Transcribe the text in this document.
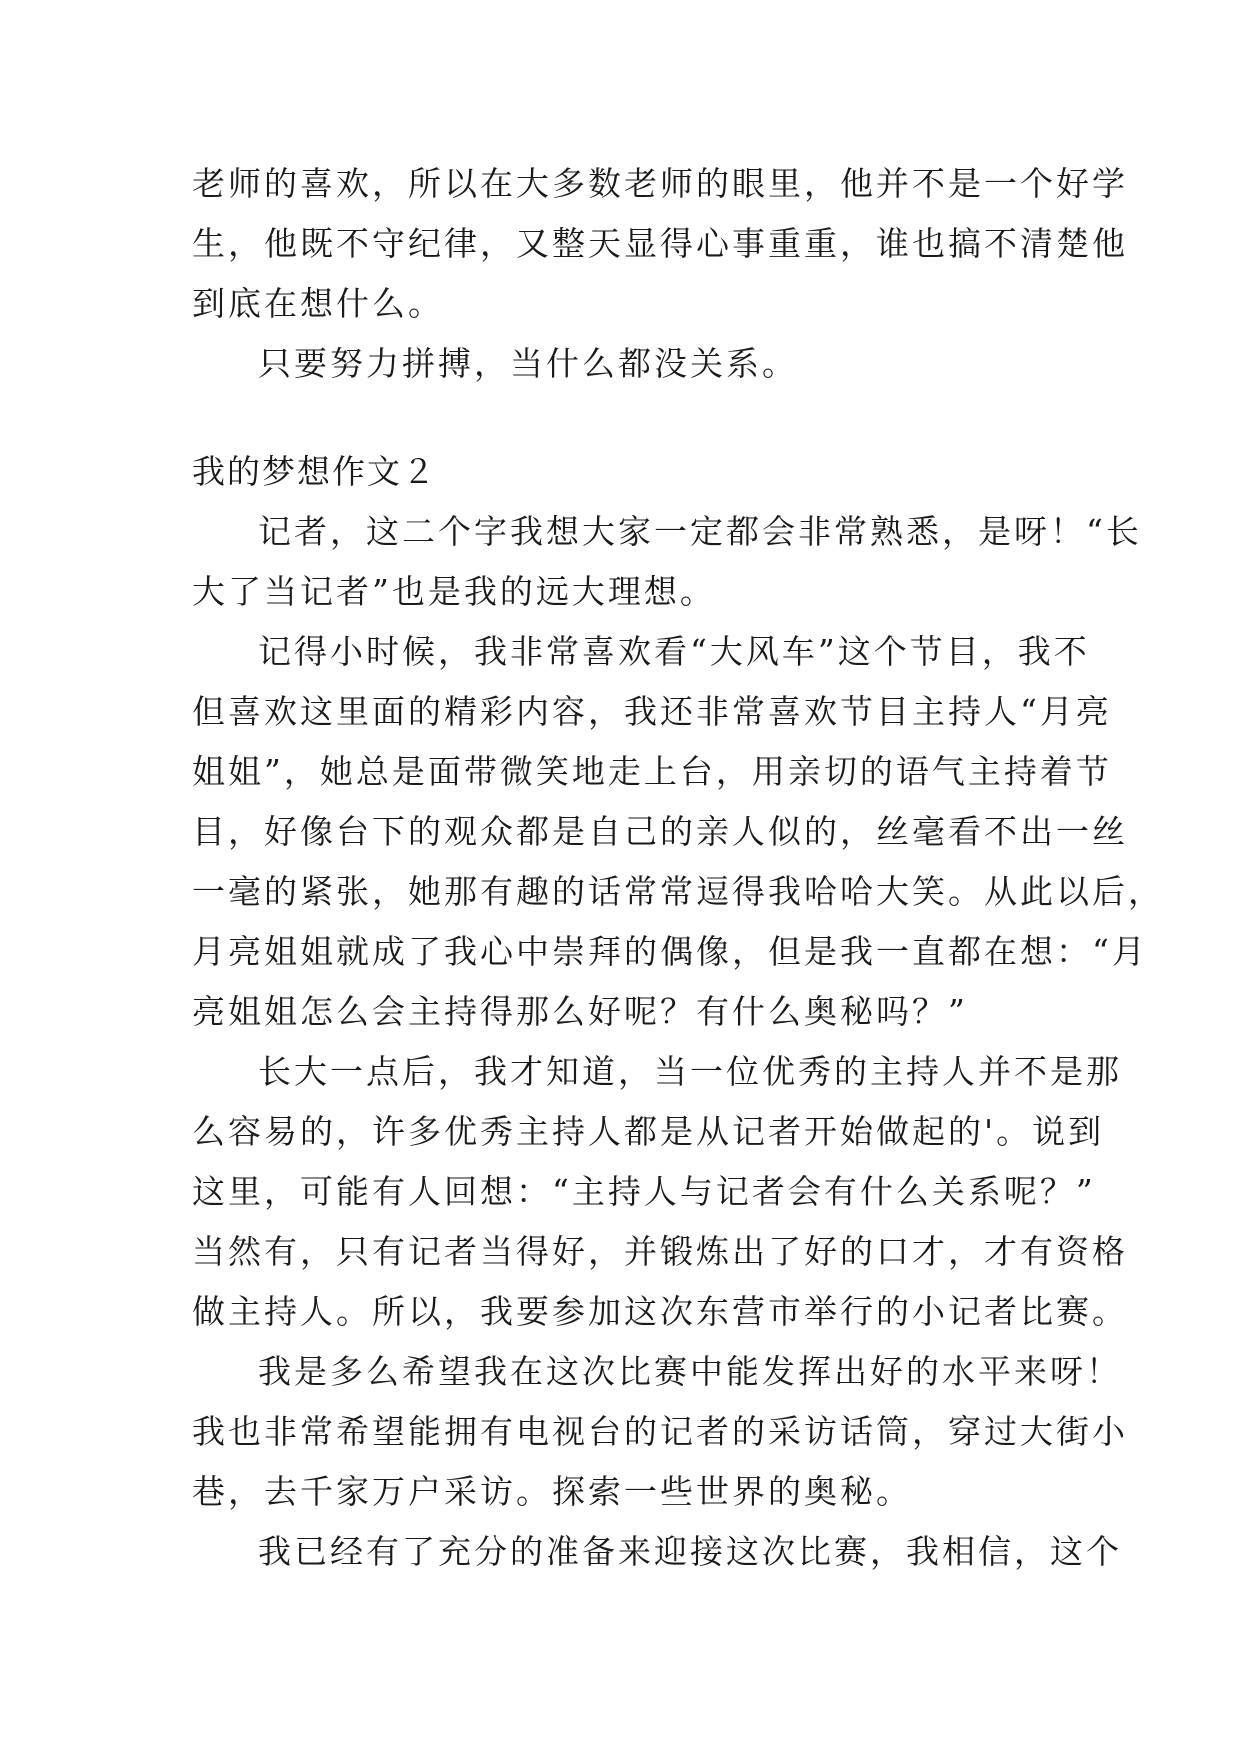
老师的喜欢，所以在大多数老师的眼里，他并不是一个好学
生，他既不守纪律，又整天显得心事重重，谁也搞不清楚他
到底在想什么。
只要努力拼搏，当什么都没关系。
我的梦想作文２
记者，这二个字我想大家一定都会非常熟悉，是呀！“长
大了当记者”也是我的远大理想。
记得小时候，我非常喜欢看“大风车”这个节目，我不
但喜欢这里面的精彩内容，我还非常喜欢节目主持人“月亮
姐姐”，她总是面带微笑地走上台，用亲切的语气主持着节
目，好像台下的观众都是自己的亲人似的，丝毫看不出一丝
一毫的紧张，她那有趣的话常常逗得我哈哈大笑。从此以后，
月亮姐姐就成了我心中崇拜的偶像，但是我一直都在想：“月
亮姐姐怎么会主持得那么好呢？有什么奥秘吗？”
长大一点后，我才知道，当一位优秀的主持人并不是那
么容易的，许多优秀主持人都是从记者开始做起的'。说到
这里，可能有人回想：“主持人与记者会有什么关系呢？”
当然有，只有记者当得好，并锻炼出了好的口才，才有资格
做主持人。所以，我要参加这次东营市举行的小记者比赛。
我是多么希望我在这次比赛中能发挥出好的水平来呀！
我也非常希望能拥有电视台的记者的采访话筒，穿过大街小
巷，去千家万户采访。探索一些世界的奥秘。
我已经有了充分的准备来迎接这次比赛，我相信，这个
